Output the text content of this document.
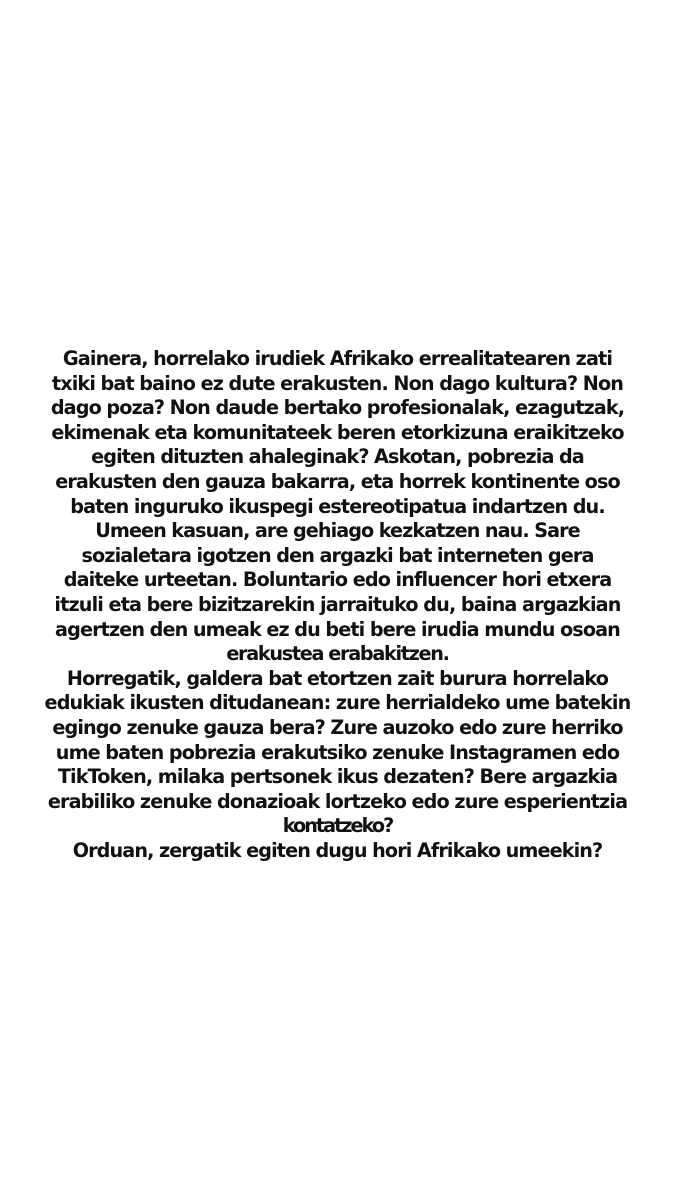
Gainera, horrelako irudiek Afrikako errealitatearen zati
txiki bat baino ez dute erakusten. Non dago kultura? Non
dago poza? Non daude bertako profesionalak, ezagutzak,
ekimenak eta komunitateek beren etorkizuna eraikitzeko
egiten dituzten ahaleginak? Askotan, pobrezia da
erakusten den gauza bakarra, eta horrek kontinente oso
baten inguruko ikuspegi estereotipatua indartzen du.
Umeen kasuan, are gehiago kezkatzen nau. Sare
sozialetara igotzen den argazki bat interneten gera
daiteke urteetan. Boluntario edo influencer hori etxera
itzuli eta bere bizitzarekin jarraituko du, baina argazkian
agertzen den umeak ez du beti bere irudia mundu osoan
erakustea erabakitzen.
Horregatik, galdera bat etortzen zait burura horrelako
edukiak ikusten ditudanean: zure herrialdeko ume batekin
egingo zenuke gauza bera? Zure auzoko edo zure herriko
ume baten pobrezia erakutsiko zenuke Instagramen edo
TikToken, milaka pertsonek ikus dezaten? Bere argazkia
erabiliko zenuke donazioak lortzeko edo zure esperientzia
kontatzeko?
Orduan, zergatik egiten dugu hori Afrikako umeekin?
